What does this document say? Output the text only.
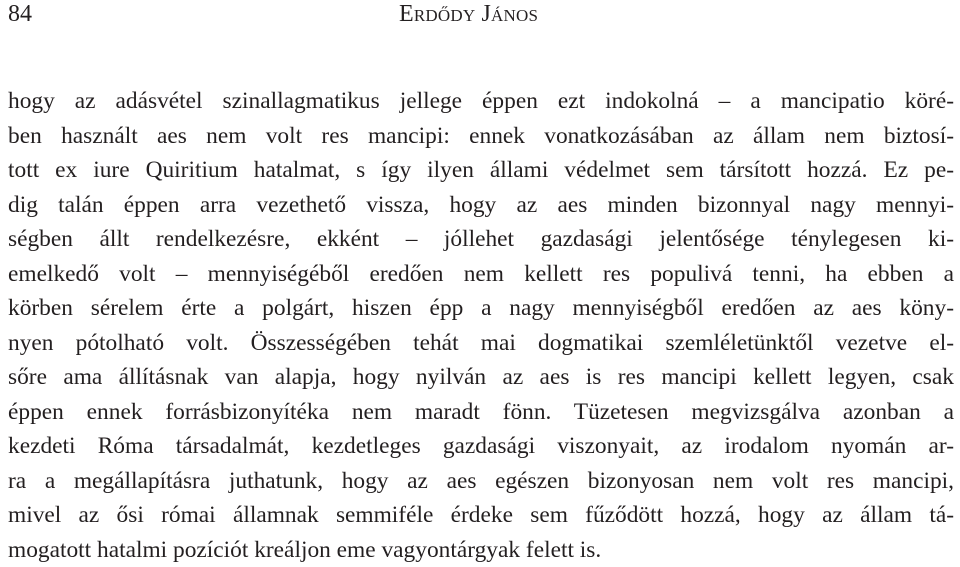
84	Erdődy János
hogy az adásvétel szinallagmatikus jellege éppen ezt indokolná – a mancipatio köré-
ben használt aes nem volt res mancipi: ennek vonatkozásában az állam nem biztosí-
tott ex iure Quiritium hatalmat, s így ilyen állami védelmet sem társított hozzá. Ez pe-
dig talán éppen arra vezethető vissza, hogy az aes minden bizonnyal nagy mennyi-
ségben állt rendelkezésre, ekként – jóllehet gazdasági jelentősége ténylegesen ki-
emelkedő volt – mennyiségéből eredően nem kellett res populivá tenni, ha ebben a
körben sérelem érte a polgárt, hiszen épp a nagy mennyiségből eredően az aes köny-
nyen pótolható volt. Összességében tehát mai dogmatikai szemléletünktől vezetve el-
sőre ama állításnak van alapja, hogy nyilván az aes is res mancipi kellett legyen, csak
éppen ennek forrásbizonyítéka nem maradt fönn. Tüzetesen megvizsgálva azonban a
kezdeti Róma társadalmát, kezdetleges gazdasági viszonyait, az irodalom nyomán ar-
ra a megállapításra juthatunk, hogy az aes egészen bizonyosan nem volt res mancipi,
mivel az ősi római államnak semmiféle érdeke sem fűződött hozzá, hogy az állam tá-
mogatott hatalmi pozíciót kreáljon eme vagyontárgyak felett is.
